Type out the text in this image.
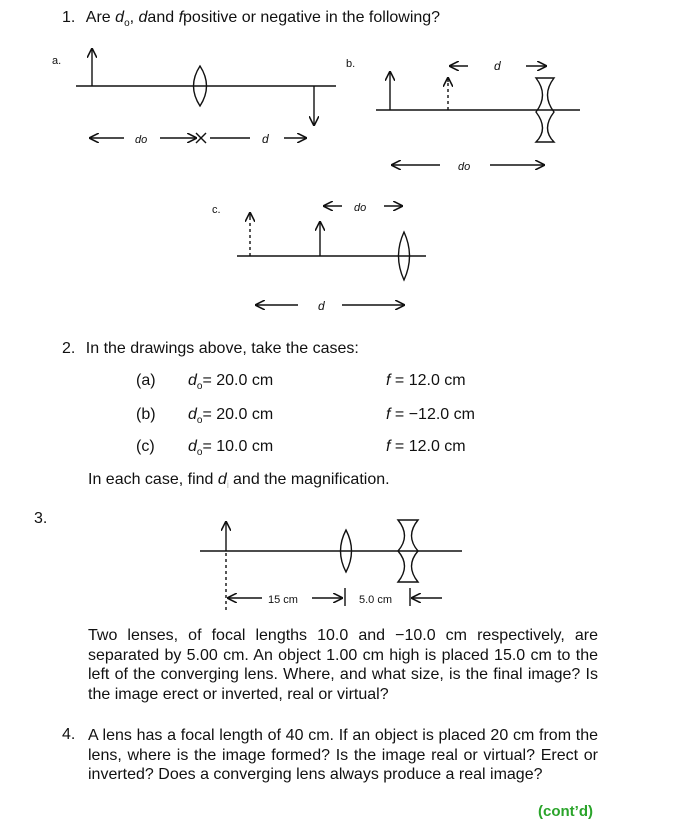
1. Are $d_o$, dand fpositive or negative in the following?
a.
do	d
b.	d
do
c.	do
d
15 cm	5.0 cm
2. In the drawings above, take the cases:
(a) $d_o= 20.0$ cm	f = 12.0 cm
(b) $d_o= 20.0$ cm	f = −12.0 cm
(c) $d_o= 10.0$ cm	f = 12.0 cm
In each case, find $d_i$ and the magnification.
3.
Two lenses, of focal lengths 10.0 and −10.0 cm respectively, are separated by 5.00 cm. An object 1.00 cm high is placed 15.0 cm to the left of the converging lens. Where, and what size, is the final image? Is the image erect or inverted, real or virtual?
4. A lens has a focal length of 40 cm. If an object is placed 20 cm from the lens, where is the image formed? Is the image real or virtual? Erect or inverted? Does a converging lens always produce a real image?
(cont’d)
